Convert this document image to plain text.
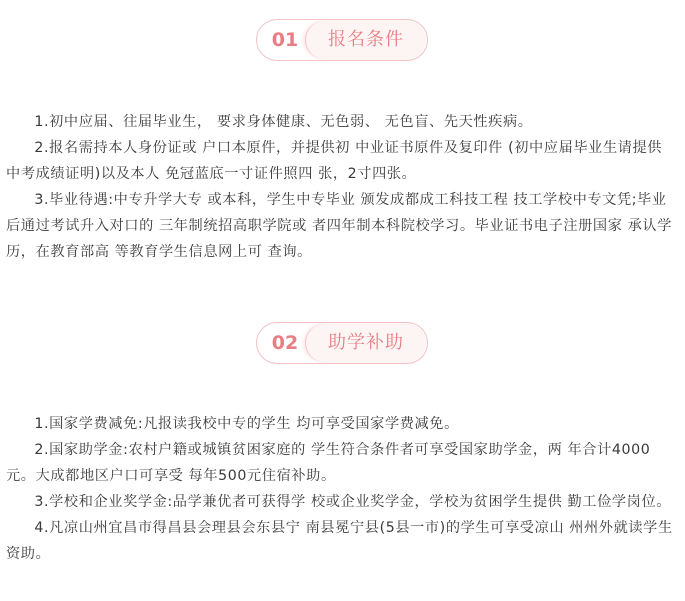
01	报名条件

1.初中应届、往届毕业生， 要求身体健康、无色弱、 无色盲、先天性疾病。

2.报名需持本人身份证或 户口本原件，并提供初 中业证书原件及复印件 (初中应届毕业生请提供 中考成绩证明)以及本人 免冠蓝底一寸证件照四 张，2寸四张。

3.毕业待遇:中专升学大专 或本科，学生中专毕业 颁发成都成工科技工程 技工学校中专文凭;毕业 后通过考试升入对口的 三年制统招高职学院或 者四年制本科院校学习。毕业证书电子注册国家 承认学历，在教育部高 等教育学生信息网上可 查询。

02	助学补助

1.国家学费减免:凡报读我校中专的学生 均可享受国家学费减免。

2.国家助学金:农村户籍或城镇贫困家庭的 学生符合条件者可享受国家助学金，两 年合计4000元。大成都地区户口可享受 每年500元住宿补助。

3.学校和企业奖学金:品学兼优者可获得学 校或企业奖学金，学校为贫困学生提供 勤工俭学岗位。

4.凡凉山州宜昌市得昌县会理县会东县宁 南县冕宁县(5县一市)的学生可享受凉山 州州外就读学生资助。
